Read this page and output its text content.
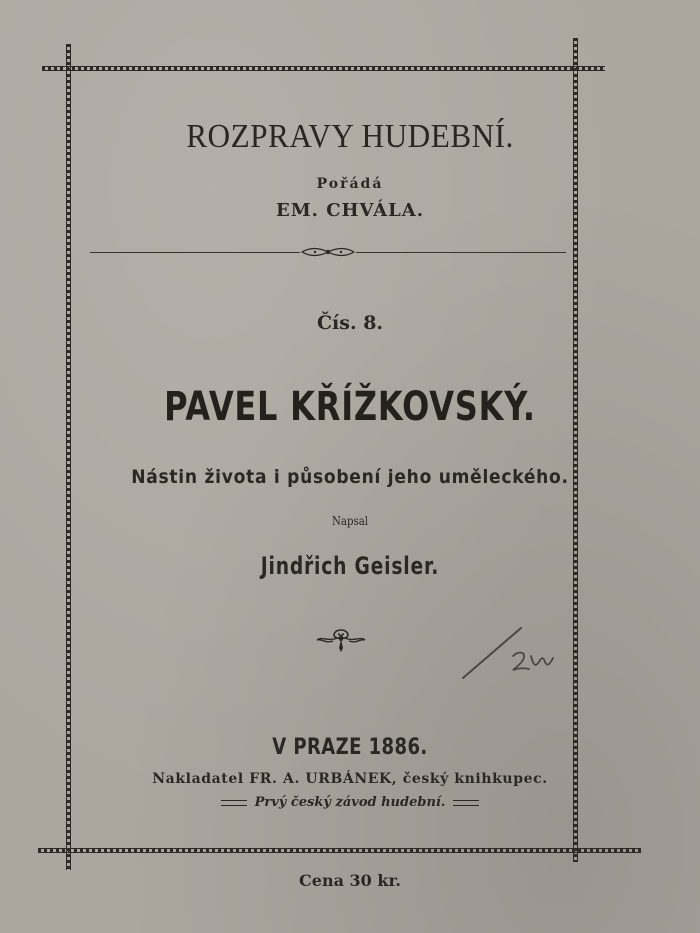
ROZPRAVY HUDEBNÍ.
Pořádá
EM. CHVÁLA.
Čís. 8.
PAVEL KŘÍŽKOVSKÝ.
Nástin života i působení jeho uměleckého.
Napsal
Jindřich Geisler.
V PRAZE 1886.
Nakladatel FR. A. URBÁNEK, český knihkupec.
Prvý český závod hudební.
Cena 30 kr.
